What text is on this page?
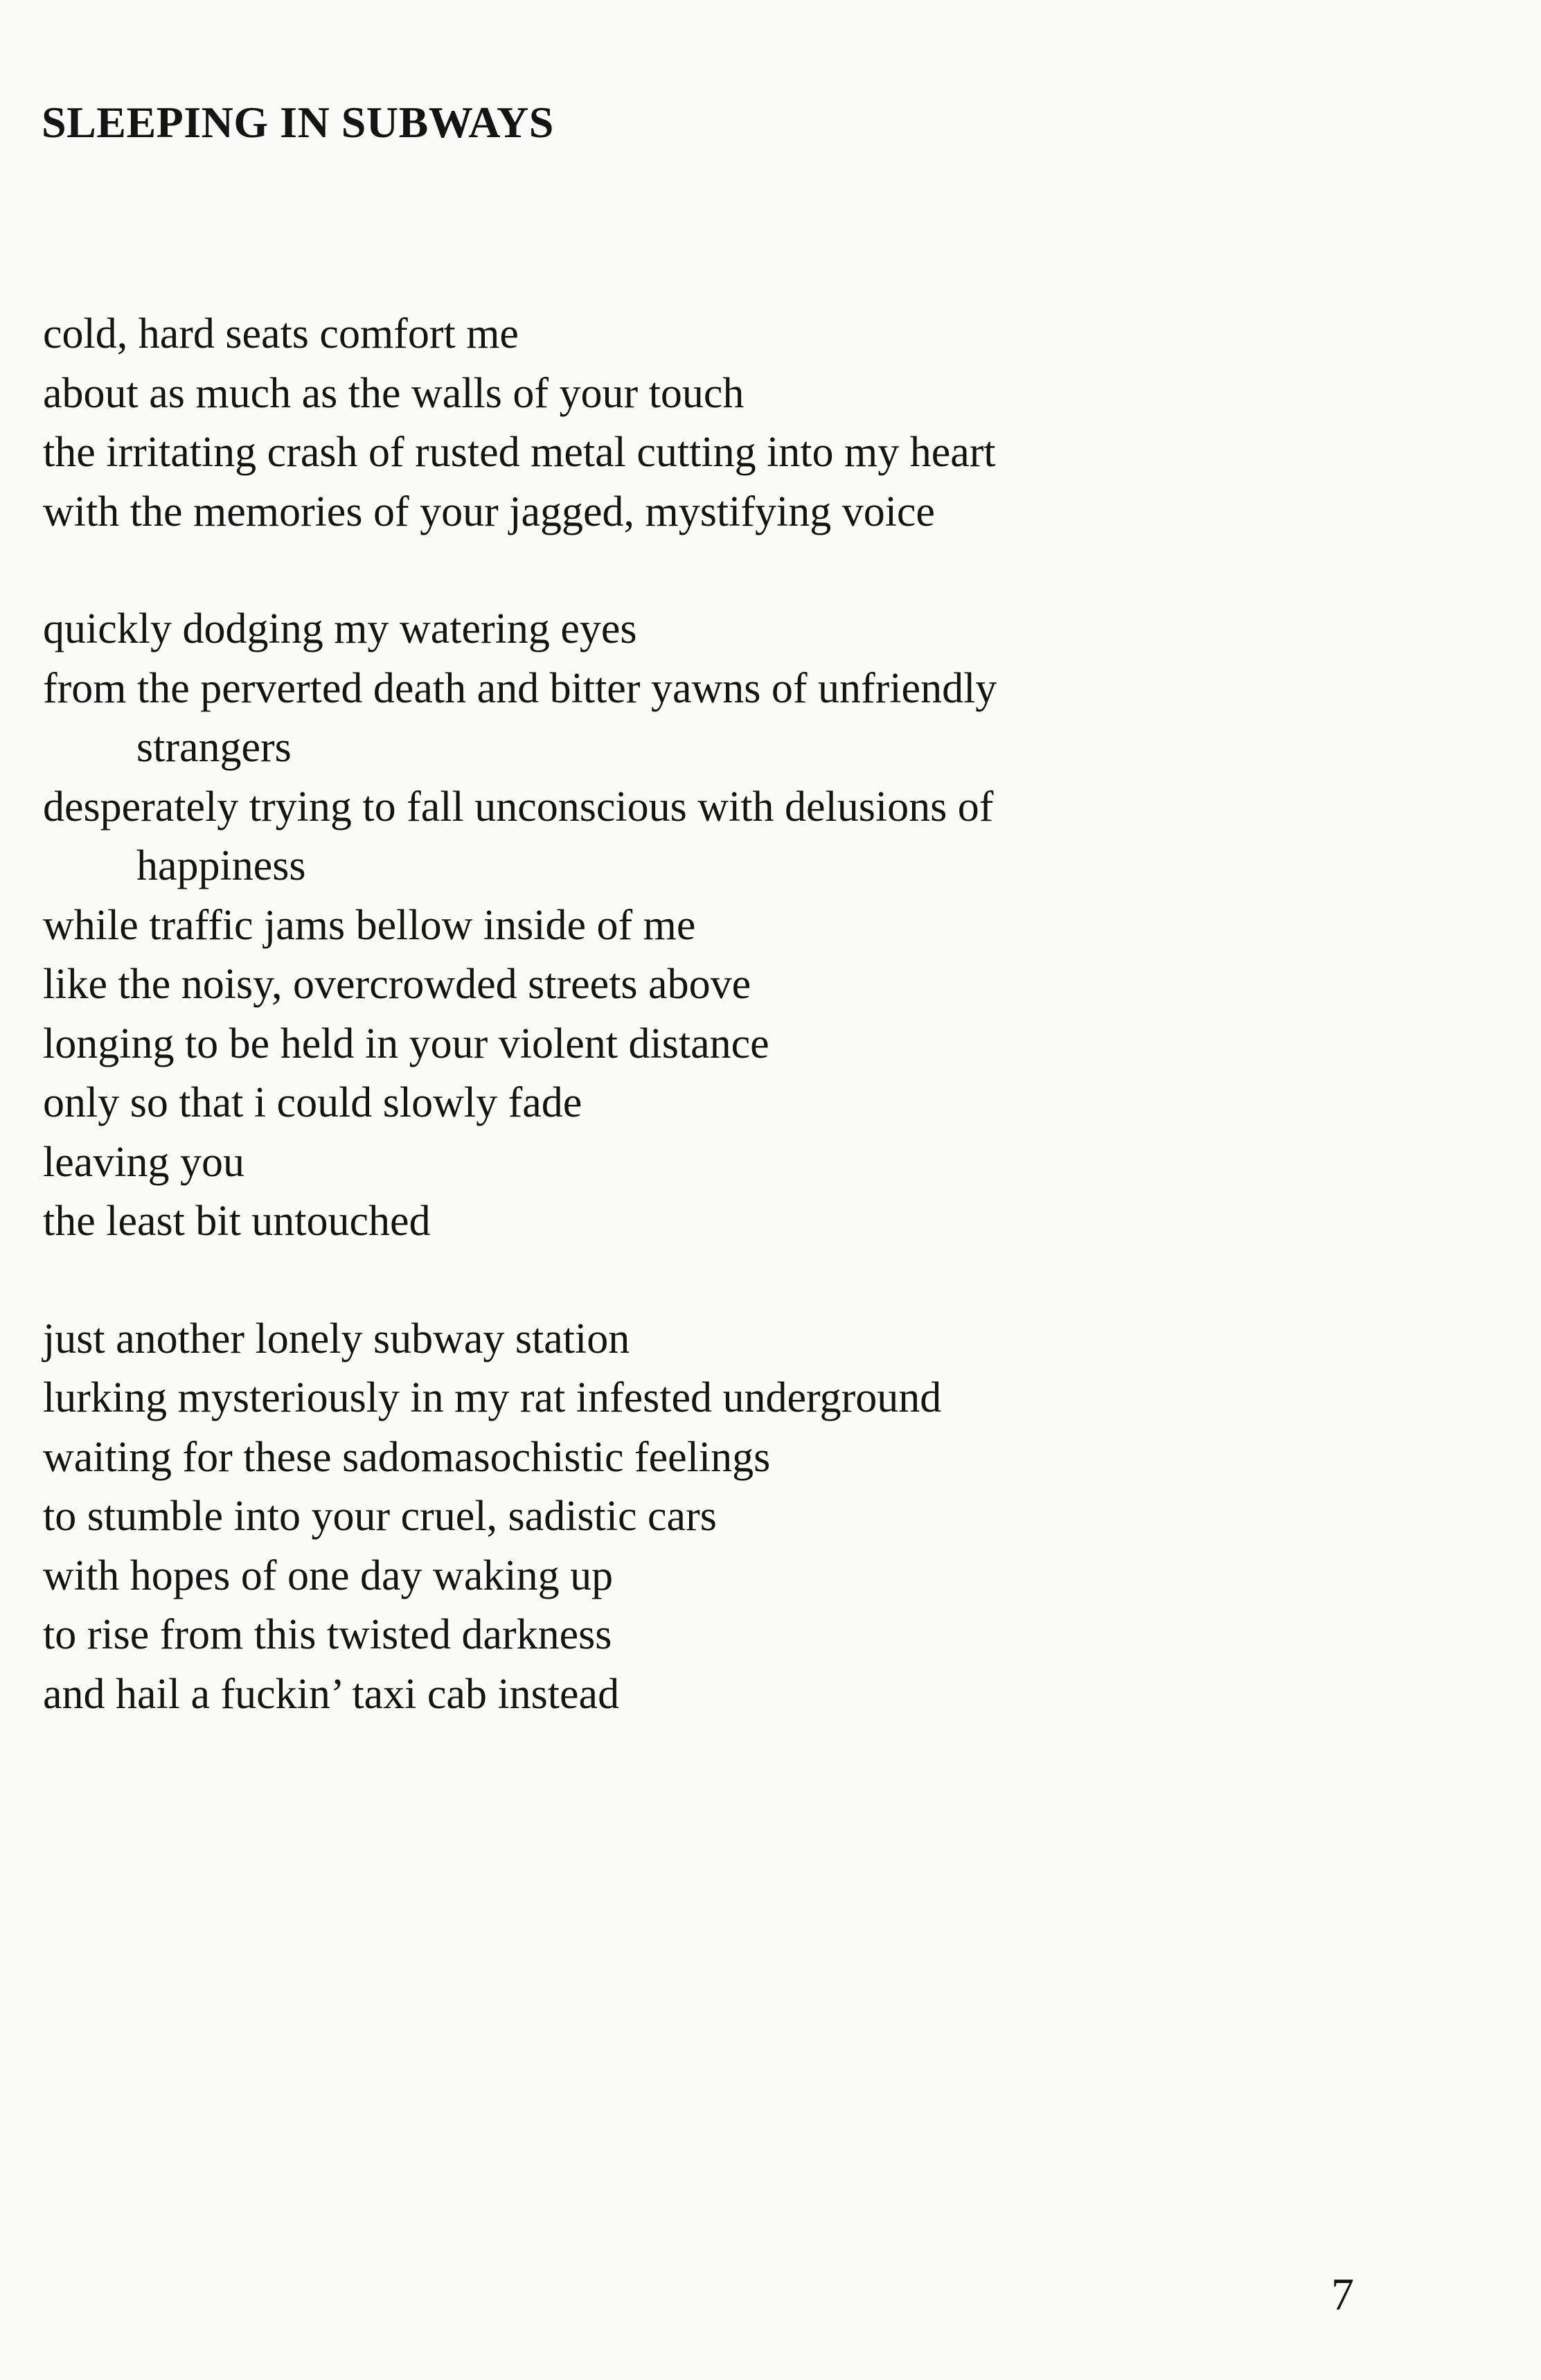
SLEEPING IN SUBWAYS
cold, hard seats comfort me
about as much as the walls of your touch
the irritating crash of rusted metal cutting into my heart
with the memories of your jagged, mystifying voice
quickly dodging my watering eyes
from the perverted death and bitter yawns of unfriendly
strangers
desperately trying to fall unconscious with delusions of
happiness
while traffic jams bellow inside of me
like the noisy, overcrowded streets above
longing to be held in your violent distance
only so that i could slowly fade
leaving you
the least bit untouched
just another lonely subway station
lurking mysteriously in my rat infested underground
waiting for these sadomasochistic feelings
to stumble into your cruel, sadistic cars
with hopes of one day waking up
to rise from this twisted darkness
and hail a fuckin’ taxi cab instead
7
